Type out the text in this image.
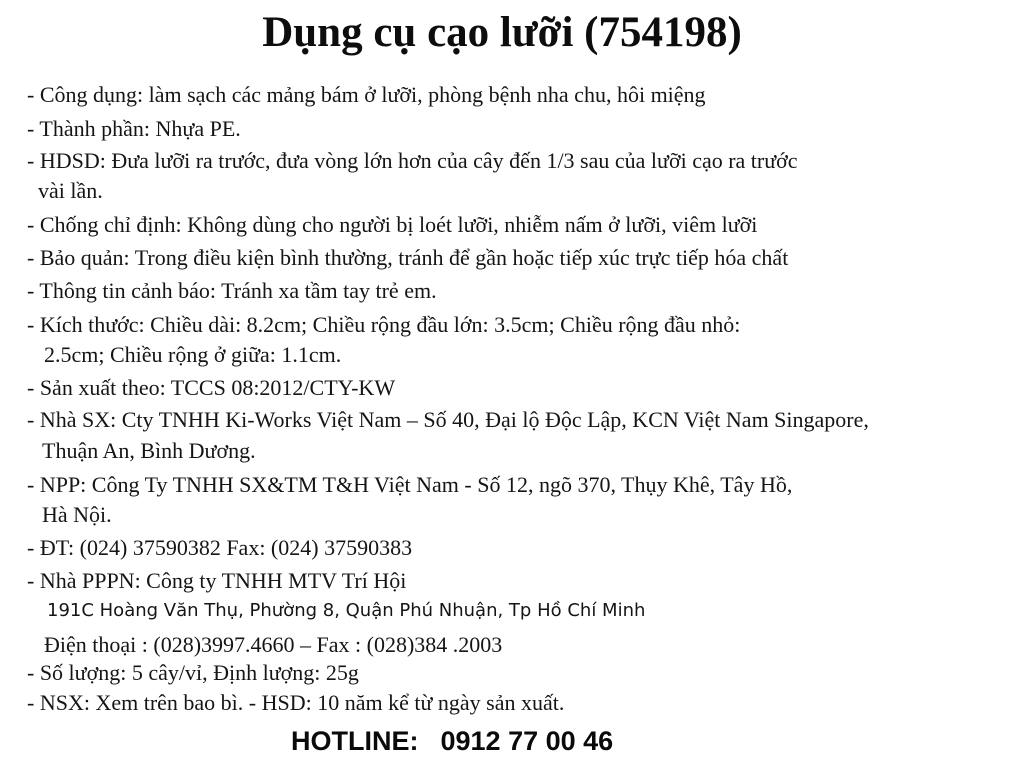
Dụng cụ cạo lưỡi (754198)
- Công dụng: làm sạch các mảng bám ở lưỡi, phòng bệnh nha chu, hôi miệng
- Thành phần: Nhựa PE.
- HDSD: Đưa lưỡi ra trước, đưa vòng lớn hơn của cây đến 1/3 sau của lưỡi cạo ra trước
vài lần.
- Chống chỉ định: Không dùng cho người bị loét lưỡi, nhiễm nấm ở lưỡi, viêm lưỡi
- Bảo quản: Trong điều kiện bình thường, tránh để gần hoặc tiếp xúc trực tiếp hóa chất
- Thông tin cảnh báo: Tránh xa tầm tay trẻ em.
- Kích thước: Chiều dài: 8.2cm; Chiều rộng đầu lớn: 3.5cm; Chiều rộng đầu nhỏ:
2.5cm; Chiều rộng ở giữa: 1.1cm.
- Sản xuất theo: TCCS 08:2012/CTY-KW
- Nhà SX: Cty TNHH Ki-Works Việt Nam – Số 40, Đại lộ Độc Lập, KCN Việt Nam Singapore,
Thuận An, Bình Dương.
- NPP: Công Ty TNHH SX&TM T&H Việt Nam - Số 12, ngõ 370, Thụy Khê, Tây Hồ,
Hà Nội.
- ĐT: (024) 37590382 Fax: (024) 37590383
- Nhà PPPN: Công ty TNHH MTV Trí Hội
191C Hoàng Văn Thụ, Phường 8, Quận Phú Nhuận, Tp Hồ Chí Minh
Điện thoại : (028)3997.4660 – Fax : (028)384 .2003
- Số lượng: 5 cây/vỉ, Định lượng: 25g
- NSX: Xem trên bao bì. - HSD: 10 năm kể từ ngày sản xuất.
HOTLINE: 0912 77 00 46
